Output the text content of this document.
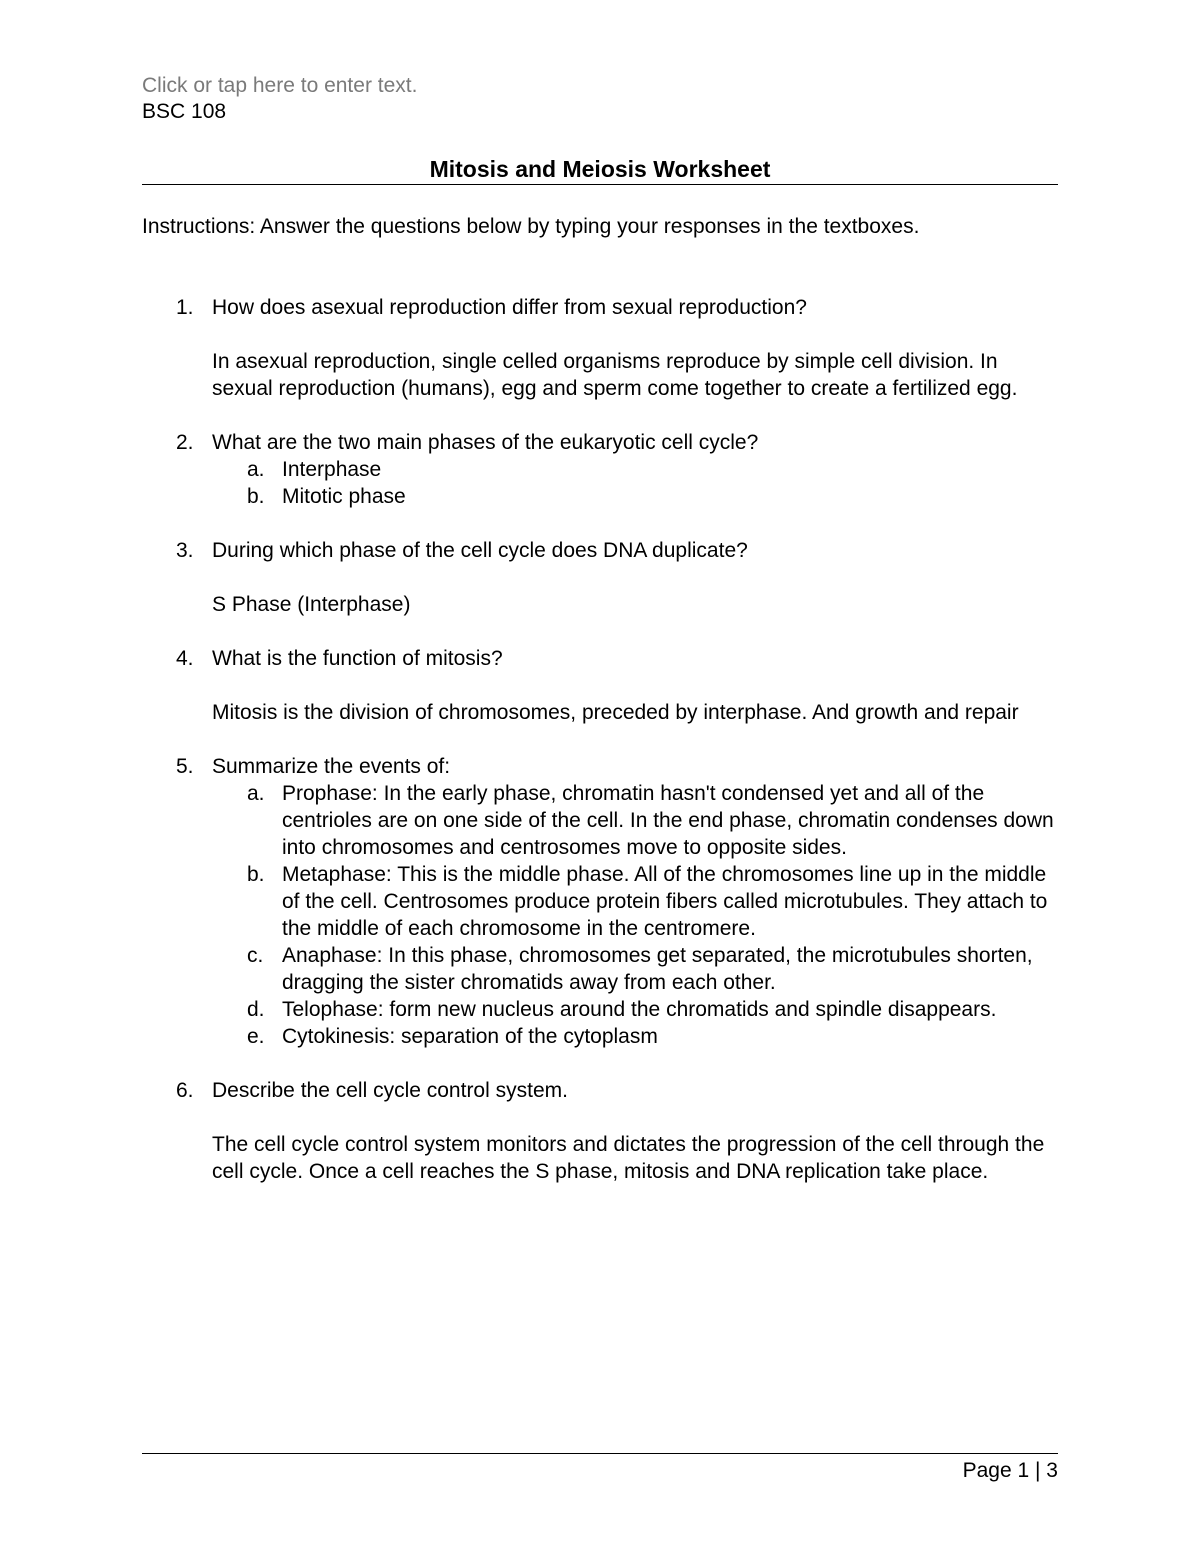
Click or tap here to enter text.
BSC 108
Mitosis and Meiosis Worksheet
Instructions: Answer the questions below by typing your responses in the textboxes.
1. How does asexual reproduction differ from sexual reproduction?
In asexual reproduction, single celled organisms reproduce by simple cell division. In sexual reproduction (humans), egg and sperm come together to create a fertilized egg.
2. What are the two main phases of the eukaryotic cell cycle?
a. Interphase
b. Mitotic phase
3. During which phase of the cell cycle does DNA duplicate?
S Phase (Interphase)
4. What is the function of mitosis?
Mitosis is the division of chromosomes, preceded by interphase. And growth and repair
5. Summarize the events of:
a. Prophase: In the early phase, chromatin hasn't condensed yet and all of the centrioles are on one side of the cell. In the end phase, chromatin condenses down into chromosomes and centrosomes move to opposite sides.
b. Metaphase: This is the middle phase. All of the chromosomes line up in the middle of the cell. Centrosomes produce protein fibers called microtubules. They attach to the middle of each chromosome in the centromere.
c. Anaphase: In this phase, chromosomes get separated, the microtubules shorten, dragging the sister chromatids away from each other.
d. Telophase: form new nucleus around the chromatids and spindle disappears.
e. Cytokinesis: separation of the cytoplasm
6. Describe the cell cycle control system.
The cell cycle control system monitors and dictates the progression of the cell through the cell cycle. Once a cell reaches the S phase, mitosis and DNA replication take place.
Page 1 | 3
